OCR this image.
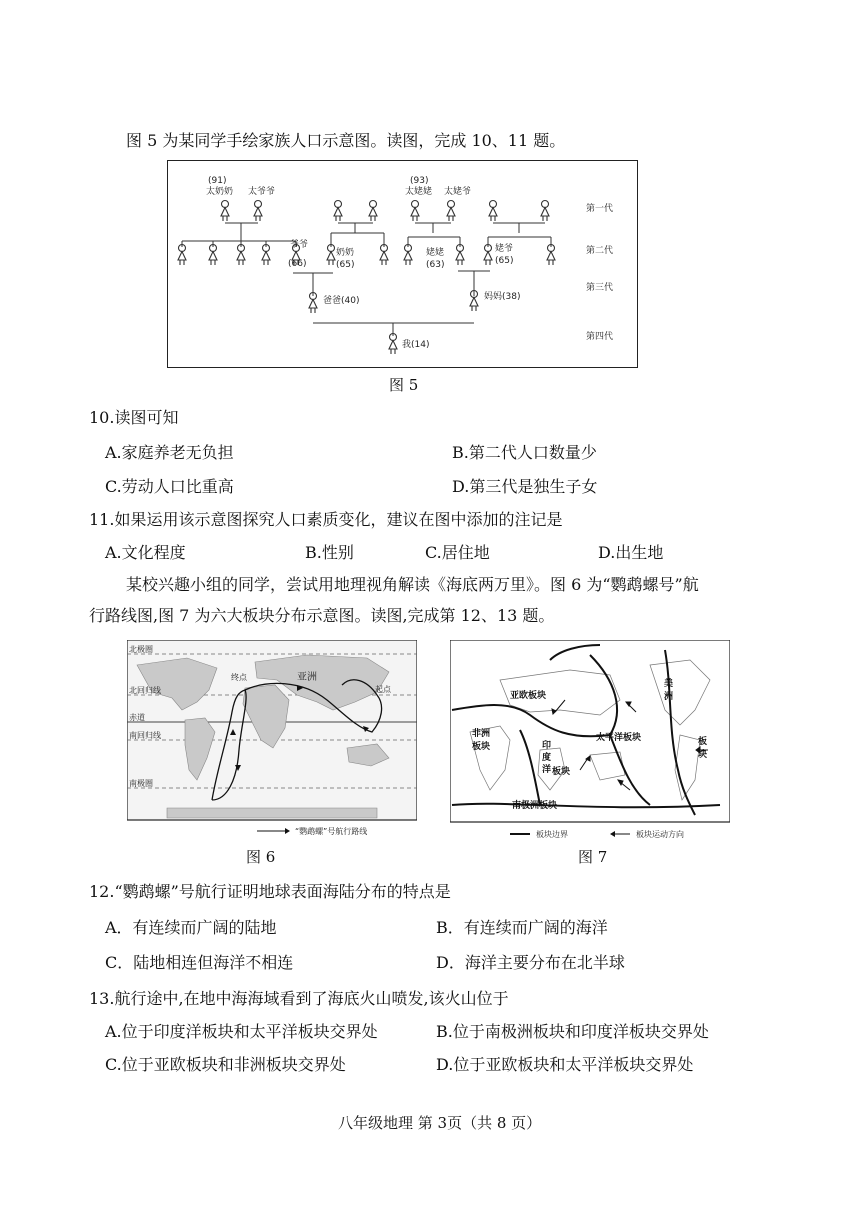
图 5 为某同学手绘家族人口示意图。读图，完成 10、11 题。
(91)
太奶奶 太爷爷
(93)
太姥姥 太姥爷
爷爷
(66)
奶奶
(65)
姥姥
(63)
姥爷
(65)
爸爸(40)	妈妈(38)
我(14)
第一代
第二代
第三代
第四代
图 5
10.读图可知
A.家庭养老无负担	B.第二代人口数量少
C.劳动人口比重高	D.第三代是独生子女
11.如果运用该示意图探究人口素质变化，建议在图中添加的注记是
A.文化程度	B.性别	C.居住地	D.出生地
某校兴趣小组的同学，尝试用地理视角解读《海底两万里》。图 6 为“鹦鹉螺号”航
行路线图,图 7 为六大板块分布示意图。读图,完成第 12、13 题。
北极圈
北回归线
赤道
南回归线
南极圈
亚洲
终点
起点
“鹦鹉螺”号航行路线
图 6
亚欧板块
非洲
板块	印
度
洋 板块
太平洋板块
美
洲
板
块
南极洲板块
板块边界	板块运动方向
图 7
12.“鹦鹉螺”号航行证明地球表面海陆分布的特点是
A．有连续而广阔的陆地	B．有连续而广阔的海洋
C．陆地相连但海洋不相连	D．海洋主要分布在北半球
13.航行途中,在地中海海域看到了海底火山喷发,该火山位于
A.位于印度洋板块和太平洋板块交界处	B.位于南极洲板块和印度洋板块交界处
C.位于亚欧板块和非洲板块交界处	D.位于亚欧板块和太平洋板块交界处
八年级地理 第 3页（共 8 页）
